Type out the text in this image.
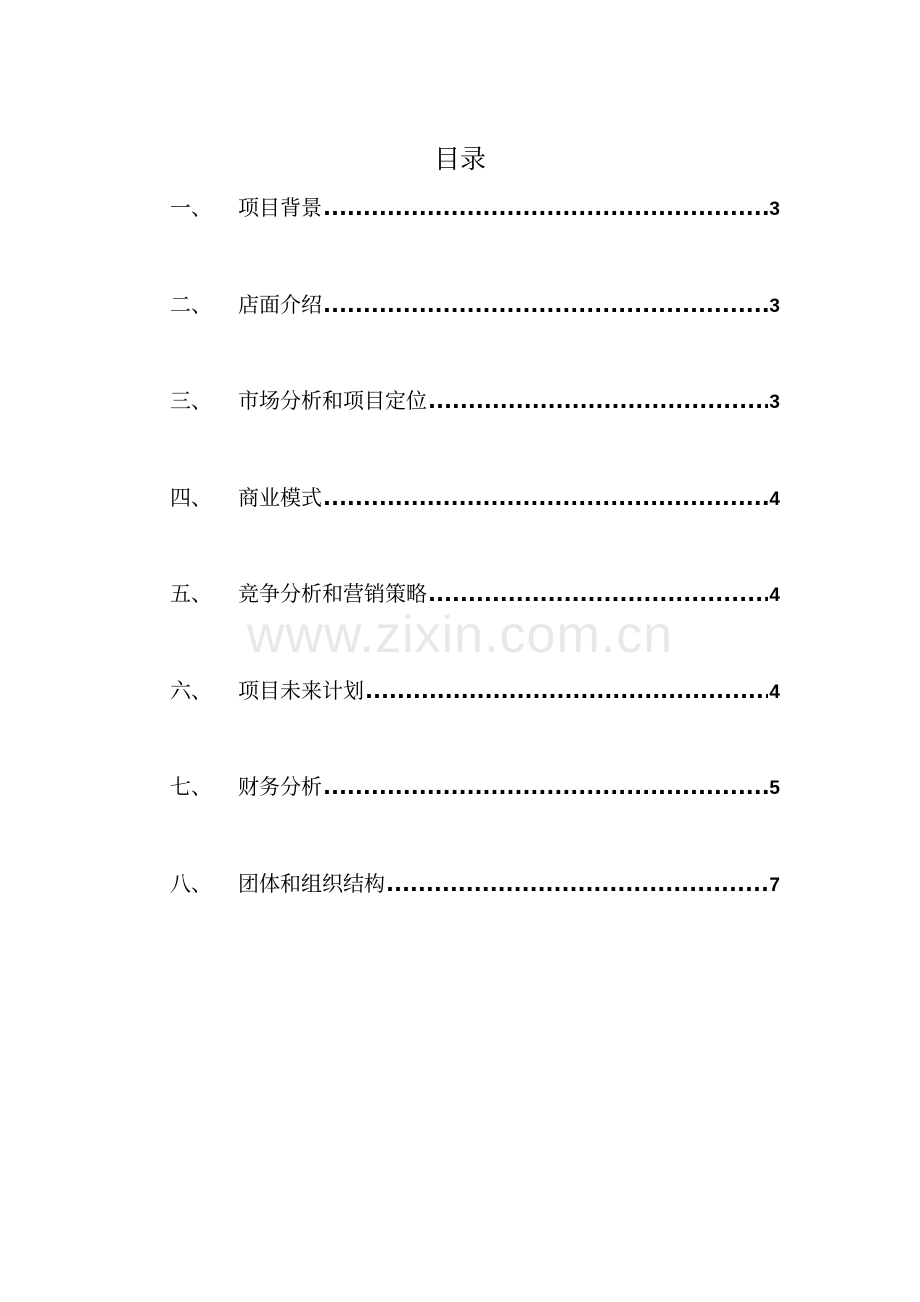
目录
一、	项目背景 .....	3
二、	店面介绍 .....	3
三、	市场分析和项目定位 .....	3
四、	商业模式 .....	4
五、	竞争分析和营销策略 .....	4
六、	项目未来计划 .....	4
七、	财务分析 .....	5
八、	团体和组织结构 .....	7
www.zixin.com.cn
